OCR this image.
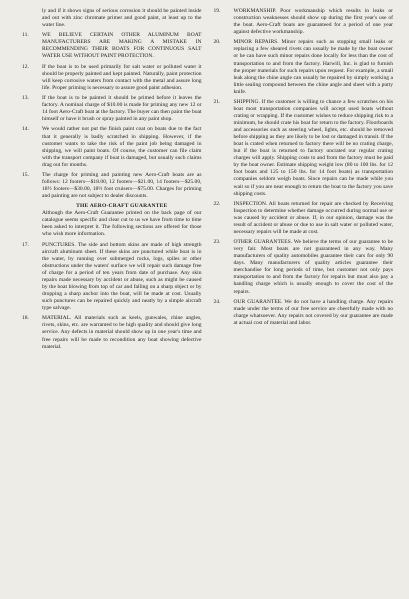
ly and if it shows signs of serious corrosion it should be painted inside and out with zinc chromate primer and good paint, at least up to the water line.
11.	WE BELIEVE CERTAIN OTHER ALUMINUM BOAT MANUFACTURERS ARE MAKING A MISTAKE IN RECOMMENDING THEIR BOATS FOR CONTINUOUS SALT WATER USE WITHOUT PAINT PROTECTION.
12.	If the boat is to be used primarily for salt water or polluted water it should be properly painted and kept painted. Naturally, paint protection will keep corrosive waters from contact with the metal and assure long life. Proper priming is necessary to assure good paint adhesion.
13.	If the boat is to be painted it should be primed before it leaves the factory. A nominal charge of $10.00 is made for priming any new 12 or 14 foot Aero-Craft boat at the factory. The buyer can then paint the boat himself or have it brush or spray painted in any paint shop.
14.	We would rather not put the finish paint coat on boats due to the fact that it generally is badly scratched in shipping. However, if the customer wants to take the risk of the paint job being damaged in shipping, we will paint boats. Of course, the customer can file claim with the transport company if boat is damaged, but usually such claims drag out for months.
15.	The charge for priming and painting new Aero-Craft boats are as follows: 12 footers—$18.00, 12 footers—$21.00, 14 footers—$25.00, 18½ footers—$30.00, 18½ foot cruisers—$75.00. Charges for priming and painting are not subject to dealer discounts.
THE AERO-CRAFT GUARANTEE
Although the Aero-Craft Guarantee printed on the back page of our catalogue seems specific and clear cut to us we have from time to time been asked to interpret it. The following sections are offered for those who wish more information.
17.	PUNCTURES. The side and bottom skins are made of high strength aircraft aluminum sheet. If these skins are punctured while boat is in the water, by running over submerged rocks, logs, spiles or other obstructions under the waters' surface we will repair such damage free of charge for a period of ten years from date of purchase. Any skin repairs made necessary by accident or abuse, such as might be caused by the boat blowing from top of car and falling on a sharp object or by dropping a sharp anchor into the boat, will be made at cost. Usually such punctures can be repaired quickly and neatly by a simple aircraft type salvage.
18.	MATERIAL. All materials such as keels, gunwales, chine angles, rivets, skins, etc. are warranted to be high quality and should give long service. Any defects in material should show up in one year's time and free repairs will be made to recondition any boat showing defective material.
19.	WORKMANSHIP. Poor workmanship which results in leaks or construction weaknesses should show up during the first year's use of the boat. Aero-Craft boats are guaranteed for a period of one year against defective workmanship.
20.	MINOR REPAIRS. Minor repairs such as stopping small leaks or replacing a few sheared rivets can usually be made by the boat owner or he can have such minor repairs done locally for less than the cost of transportation to and from the factory. Harwill, Inc. is glad to furnish the proper materials for such repairs upon request. For example, a small leak along the chine angle can usually be repaired by simply working a little sealing compound between the chine angle and sheet with a putty knife.
21.	SHIPPING. If the customer is willing to chance a few scratches on his boat most transportation companies will accept used boats without crating or wrapping. If the customer wishes to reduce shipping risk to a minimum, he should crate his boat for return to the factory. Floorboards and accessories such as steering wheel, lights, etc. should be removed before shipping as they are likely to be lost or damaged in transit. If the boat is crated when returned to factory there will be no crating charge, but if the boat is returned to factory uncrated our regular crating charges will apply. Shipping costs to and from the factory must be paid by the boat owner. Estimate shipping weight low (80 to 100 lbs. for 12 foot boats and 125 to 150 lbs. for 14 foot boats) as transportation companies seldom weigh boats. Since repairs can be made while you wait so if you are near enough to return the boat to the factory you save shipping costs.
22.	INSPECTION. All boats returned for repair are checked by Receiving Inspection to determine whether damage occurred during normal use or was caused by accident or abuse. If, in our opinion, damage was the result of accident or abuse or due to use in salt water or polluted water, necessary repairs will be made at cost.
23.	OTHER GUARANTEES. We believe the terms of our guarantee to be very fair. Most boats are not guaranteed in any way. Many manufacturers of quality automobiles guarantee their cars for only 90 days. Many manufacturers of quality articles guarantee their merchandise for long periods of time, but customer not only pays transportation to and from the factory for repairs but must also pay a handling charge which is usually enough to cover the cost of the repairs.
24.	OUR GUARANTEE. We do not have a handling charge. Any repairs made under the terms of our free service are cheerfully made with no charge whatsoever. Any repairs not covered by our guarantee are made at actual cost of material and labor.
